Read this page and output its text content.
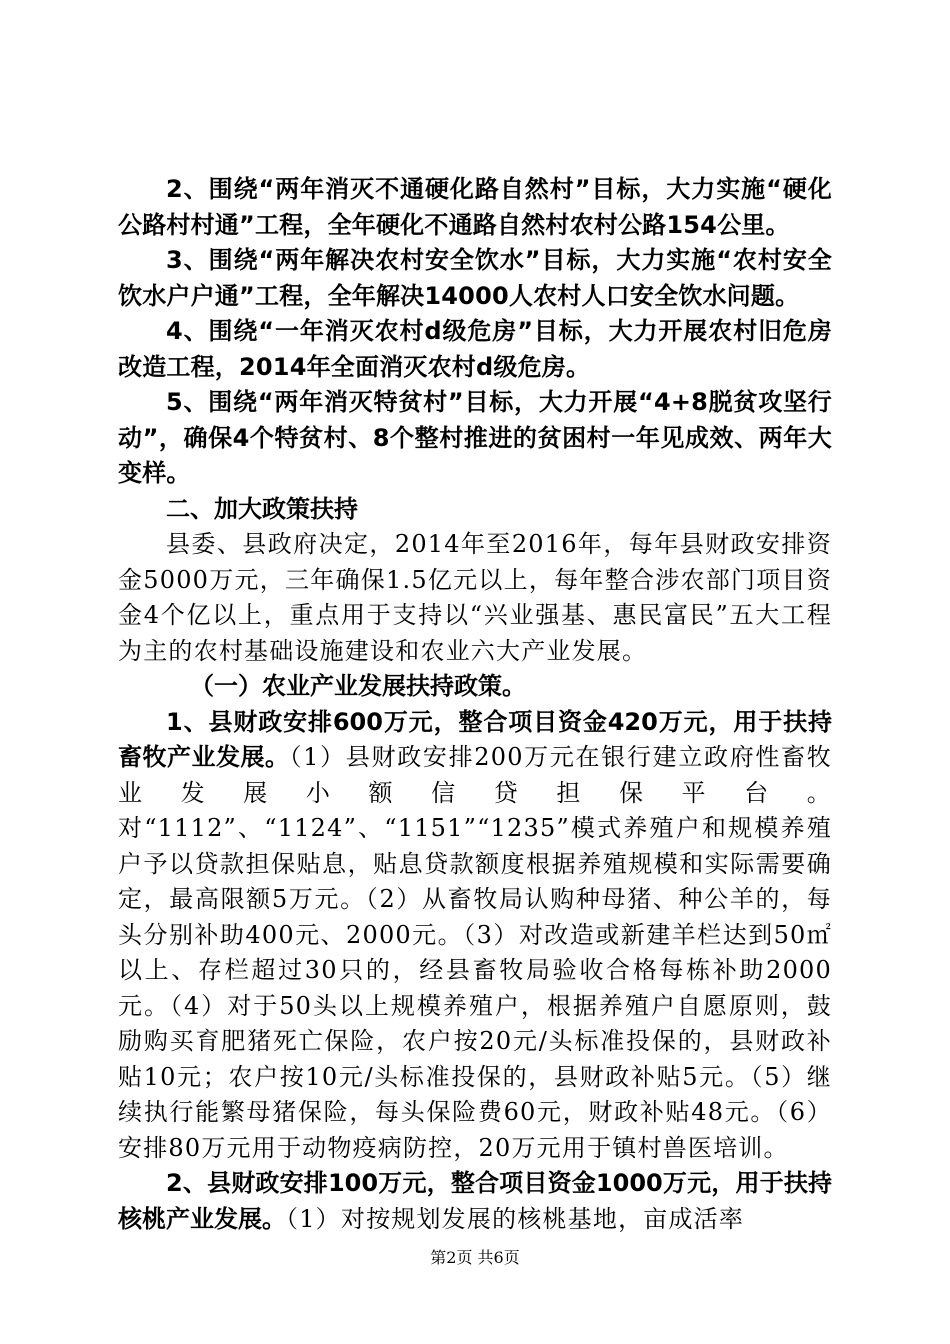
2、围绕“两年消灭不通硬化路自然村”目标，大力实施“硬化公路村村通”工程，全年硬化不通路自然村农村公路154公里。

3、围绕“两年解决农村安全饮水”目标，大力实施“农村安全饮水户户通”工程，全年解决14000人农村人口安全饮水问题。

4、围绕“一年消灭农村d级危房”目标，大力开展农村旧危房改造工程，2014年全面消灭农村d级危房。

5、围绕“两年消灭特贫村”目标，大力开展“4+8脱贫攻坚行动”，确保4个特贫村、8个整村推进的贫困村一年见成效、两年大变样。

二、加大政策扶持

县委、县政府决定，2014年至2016年，每年县财政安排资金5000万元，三年确保1.5亿元以上，每年整合涉农部门项目资金4个亿以上，重点用于支持以“兴业强基、惠民富民”五大工程为主的农村基础设施建设和农业六大产业发展。

（一）农业产业发展扶持政策。

1、县财政安排600万元，整合项目资金420万元，用于扶持畜牧产业发展。（1）县财政安排200万元在银行建立政府性畜牧业发展小额信贷担保平台。对“1112”、“1124”、“1151”“1235”模式养殖户和规模养殖户予以贷款担保贴息，贴息贷款额度根据养殖规模和实际需要确定，最高限额5万元。（2）从畜牧局认购种母猪、种公羊的，每头分别补助400元、2000元。（3）对改造或新建羊栏达到50㎡以上、存栏超过30只的，经县畜牧局验收合格每栋补助2000元。（4）对于50头以上规模养殖户，根据养殖户自愿原则，鼓励购买育肥猪死亡保险，农户按20元/头标准投保的，县财政补贴10元；农户按10元/头标准投保的，县财政补贴5元。（5）继续执行能繁母猪保险，每头保险费60元，财政补贴48元。（6）安排80万元用于动物疫病防控，20万元用于镇村兽医培训。

2、县财政安排100万元，整合项目资金1000万元，用于扶持核桃产业发展。（1）对按规划发展的核桃基地，亩成活率

第2页 共6页
